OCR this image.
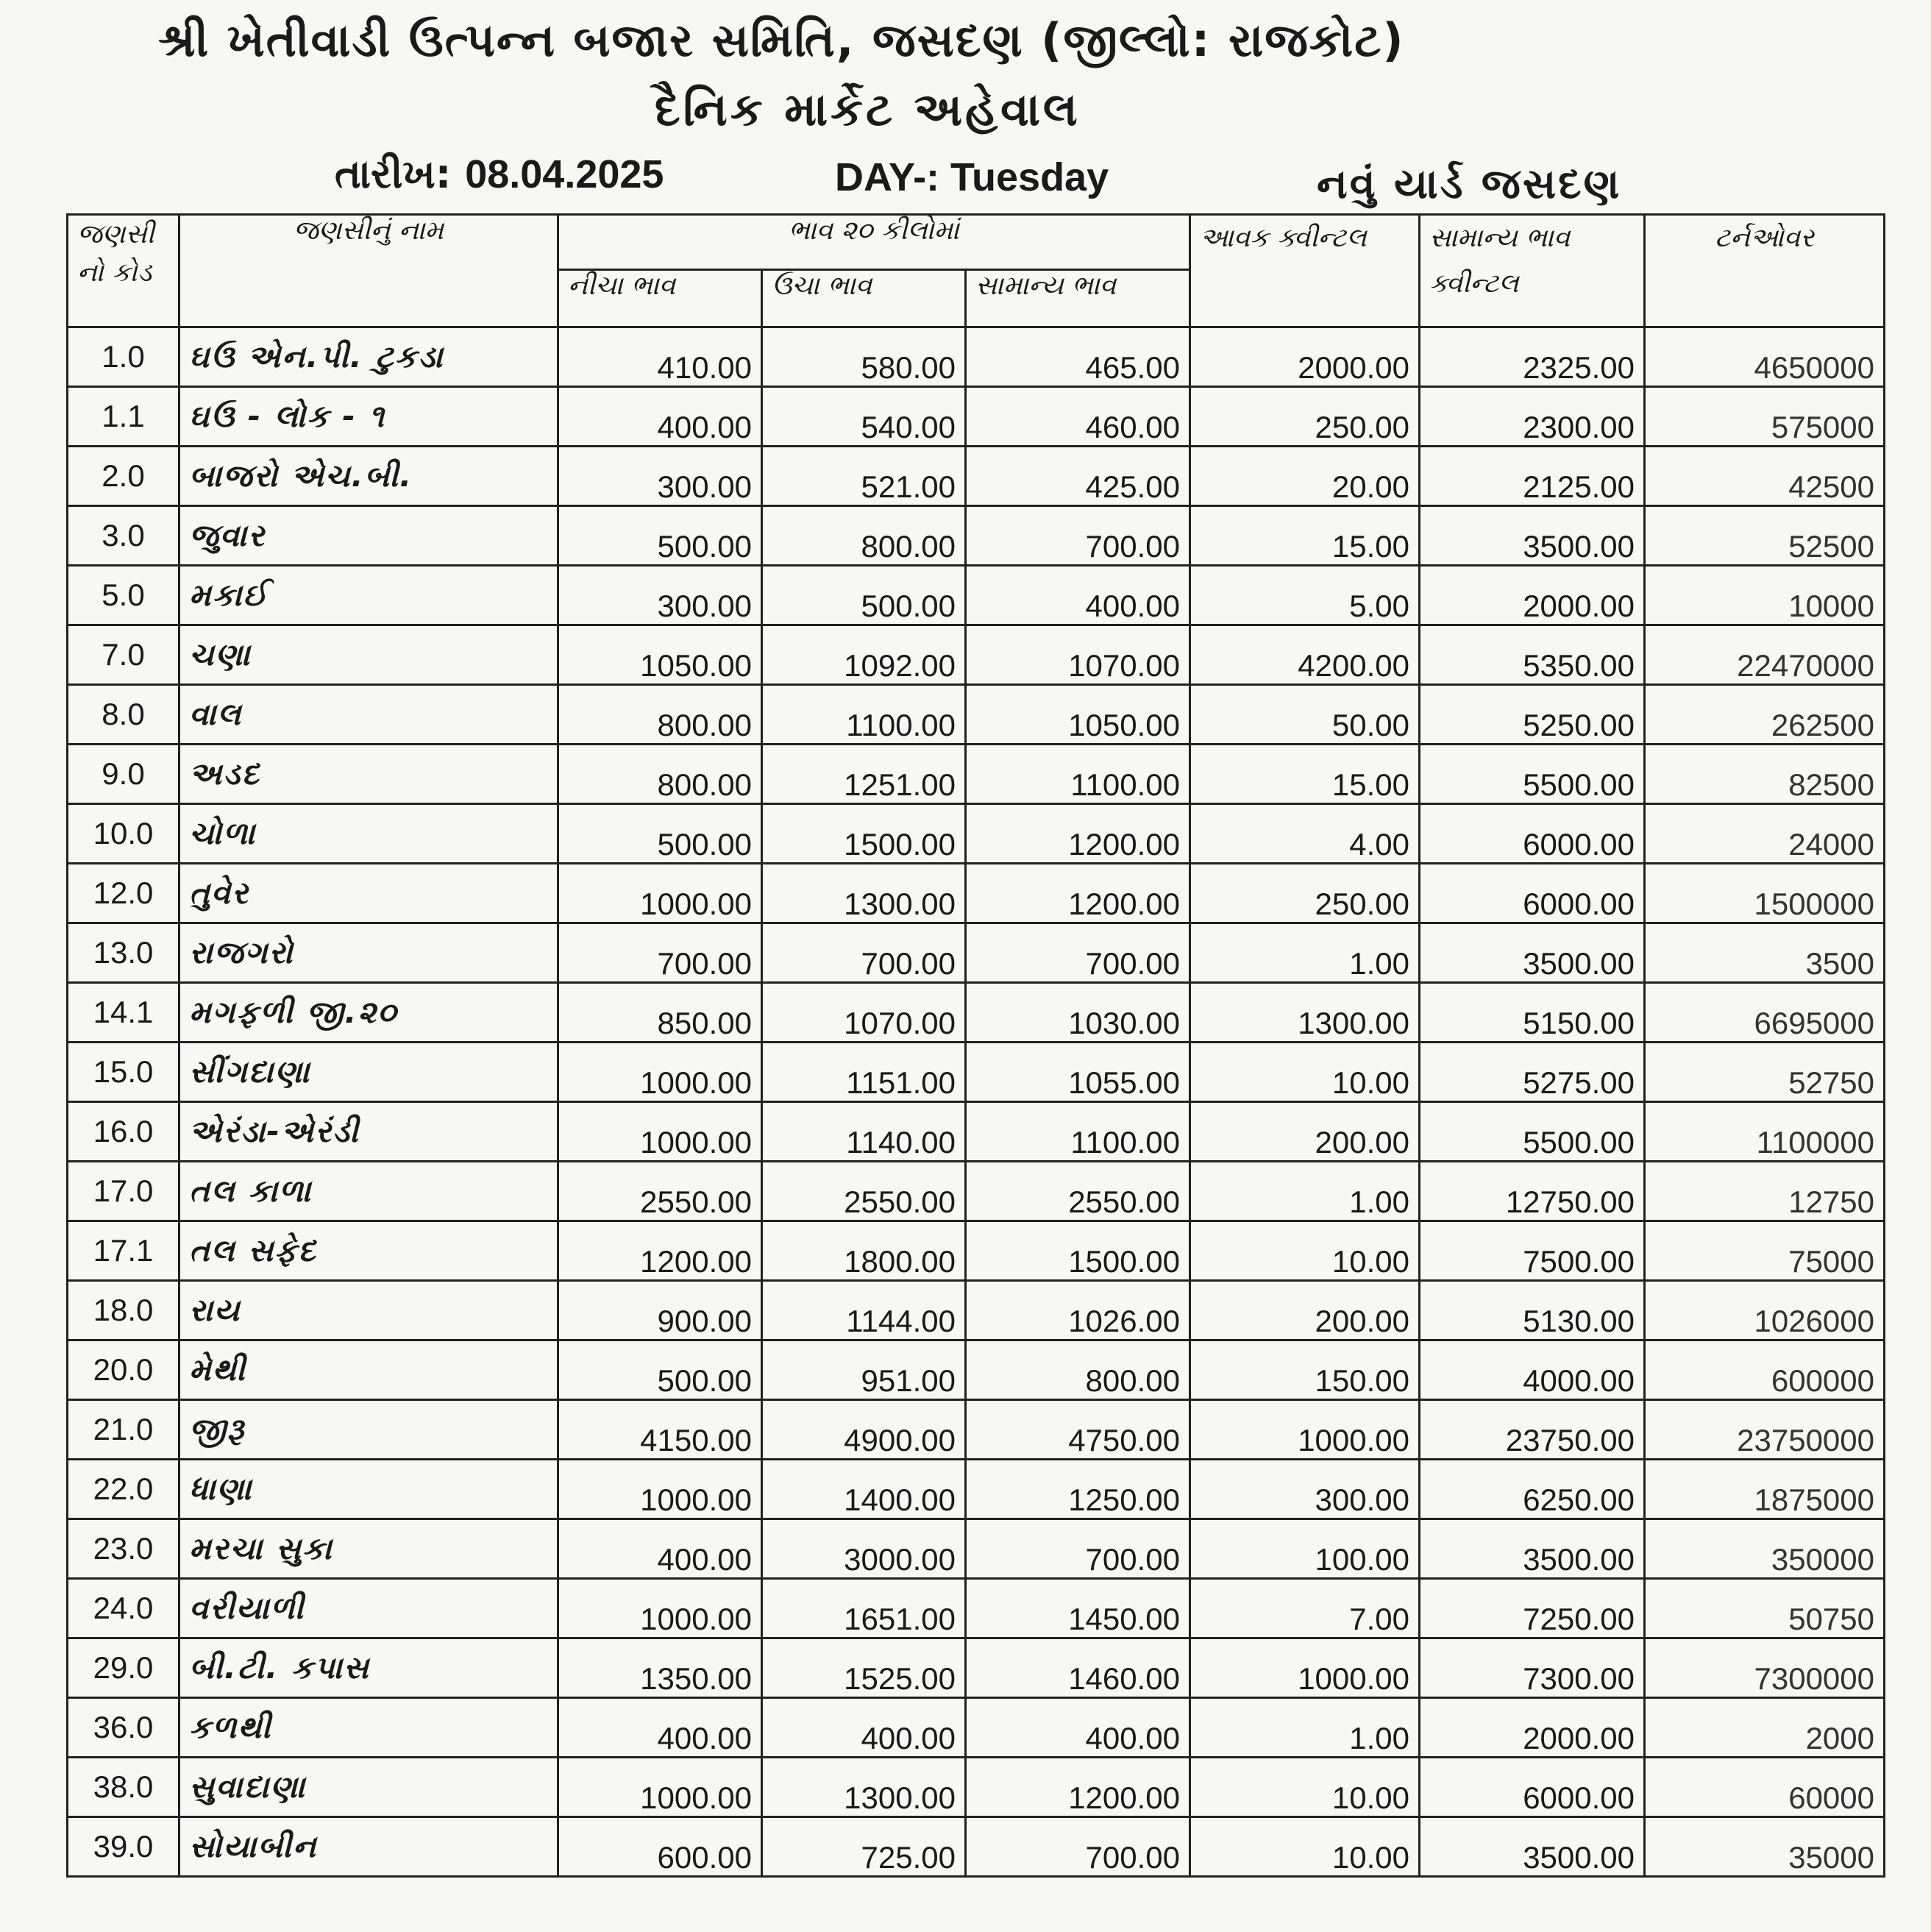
શ્રી ખેતીવાડી ઉત્પન્ન બજાર સમિતિ, જસદણ (જીલ્લો: રાજકોટ)
દૈનિક માર્કેટ અહેવાલ
તારીખ: 08.04.2025	DAY-: Tuesday	નવું યાર્ડ જસદણ
જણસી નો કોડ	જણસીનું નામ	ભાવ ૨૦ કીલોમાં			આવક ક્વીન્ટલ	સામાન્ય ભાવ ક્વીન્ટલ	ટર્નઓવર
		નીચા ભાવ	ઉચા ભાવ	સામાન્ય ભાવ			
1.0	ઘઉ એન.પી. ટુકડા	410.00	580.00	465.00	2000.00	2325.00	4650000
1.1	ઘઉ - લોક - ૧	400.00	540.00	460.00	250.00	2300.00	575000
2.0	બાજરો એચ.બી.	300.00	521.00	425.00	20.00	2125.00	42500
3.0	જુવાર	500.00	800.00	700.00	15.00	3500.00	52500
5.0	મકાઈ	300.00	500.00	400.00	5.00	2000.00	10000
7.0	ચણા	1050.00	1092.00	1070.00	4200.00	5350.00	22470000
8.0	વાલ	800.00	1100.00	1050.00	50.00	5250.00	262500
9.0	અડદ	800.00	1251.00	1100.00	15.00	5500.00	82500
10.0	ચોળા	500.00	1500.00	1200.00	4.00	6000.00	24000
12.0	તુવેર	1000.00	1300.00	1200.00	250.00	6000.00	1500000
13.0	રાજગરો	700.00	700.00	700.00	1.00	3500.00	3500
14.1	મગફળી જી.૨૦	850.00	1070.00	1030.00	1300.00	5150.00	6695000
15.0	સીંગદાણા	1000.00	1151.00	1055.00	10.00	5275.00	52750
16.0	એરંડા-એરંડી	1000.00	1140.00	1100.00	200.00	5500.00	1100000
17.0	તલ કાળા	2550.00	2550.00	2550.00	1.00	12750.00	12750
17.1	તલ સફેદ	1200.00	1800.00	1500.00	10.00	7500.00	75000
18.0	રાય	900.00	1144.00	1026.00	200.00	5130.00	1026000
20.0	મેથી	500.00	951.00	800.00	150.00	4000.00	600000
21.0	જીરૂ	4150.00	4900.00	4750.00	1000.00	23750.00	23750000
22.0	ધાણા	1000.00	1400.00	1250.00	300.00	6250.00	1875000
23.0	મરચા સુકા	400.00	3000.00	700.00	100.00	3500.00	350000
24.0	વરીયાળી	1000.00	1651.00	1450.00	7.00	7250.00	50750
29.0	બી.ટી. કપાસ	1350.00	1525.00	1460.00	1000.00	7300.00	7300000
36.0	કળથી	400.00	400.00	400.00	1.00	2000.00	2000
38.0	સુવાદાણા	1000.00	1300.00	1200.00	10.00	6000.00	60000
39.0	સોયાબીન	600.00	725.00	700.00	10.00	3500.00	35000
